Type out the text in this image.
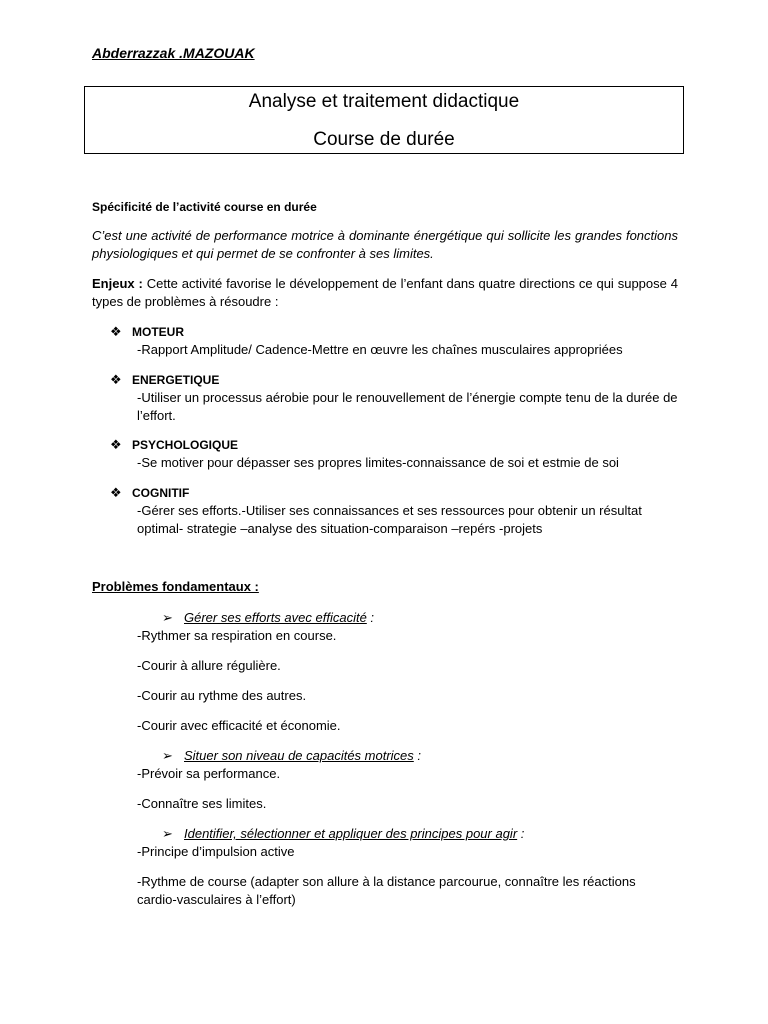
Abderrazzak .MAZOUAK
Analyse et traitement didactique
Course de durée
Spécificité de l’activité course en durée
C’est une activité de performance motrice à dominante énergétique qui sollicite les grandes fonctions physiologiques et qui permet de se confronter à ses limites.
Enjeux : Cette activité favorise le développement de l’enfant dans quatre directions ce qui suppose 4 types de problèmes à résoudre :
❖ MOTEUR
-Rapport Amplitude/ Cadence-Mettre en œuvre les chaînes musculaires appropriées
❖ ENERGETIQUE
-Utiliser un processus aérobie pour le renouvellement de l’énergie compte tenu de la durée de l’effort.
❖ PSYCHOLOGIQUE
-Se motiver pour dépasser ses propres limites-connaissance de soi et estmie de soi
❖ COGNITIF
-Gérer ses efforts.-Utiliser ses connaissances et ses ressources pour obtenir un résultat optimal- strategie –analyse des situation-comparaison –repérs -projets
Problèmes fondamentaux :
➢ Gérer ses efforts avec efficacité :
-Rythmer sa respiration en course.
-Courir à allure régulière.
-Courir au rythme des autres.
-Courir avec efficacité et économie.
➢ Situer son niveau de capacités motrices :
-Prévoir sa performance.
-Connaître ses limites.
➢ Identifier, sélectionner et appliquer des principes pour agir :
-Principe d’impulsion active
-Rythme de course (adapter son allure à la distance parcourue, connaître les réactions cardio-vasculaires à l’effort)
